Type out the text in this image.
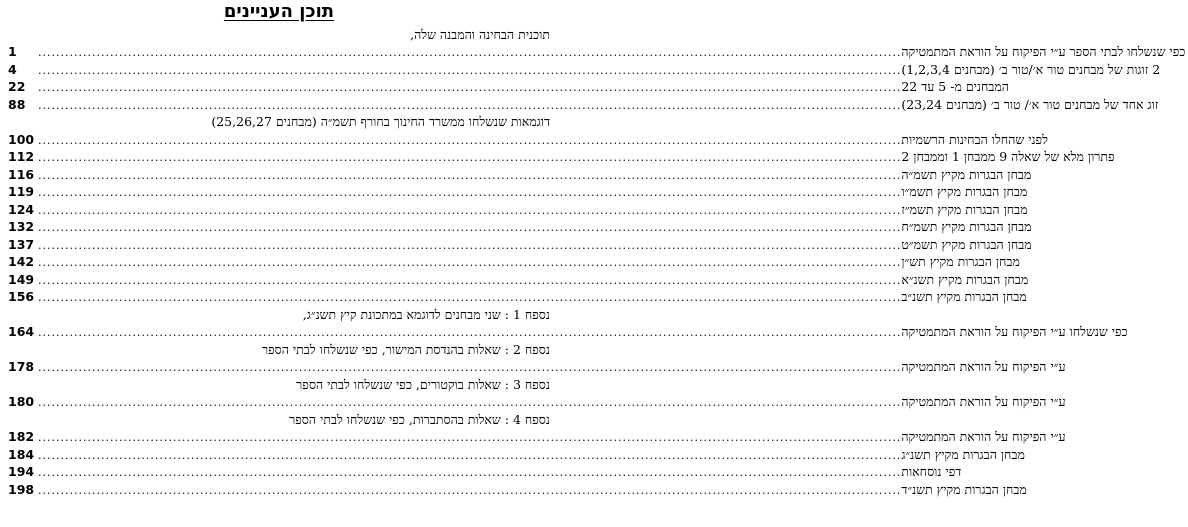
תוכן העניינים
תוכנית הבחינה והמבנה שלה,
1 .....	כפי שנשלחו לבתי הספר ע״י הפיקוח על הוראת המתמטיקה
4 .....	2 זוגות של מבחנים טור א׳/טור ב׳ (מבחנים 1,2,3,4)
22 .....	המבחנים מ- 5 עד 22
88 .....	זוג אחד של מבחנים טור א׳/ טור ב׳ (מבחנים 23,24)
דוגמאות שנשלחו ממשרד החינוך בחורף תשמ״ה (מבחנים 25,26,27)
100 .....	לפני שהחלו הבחינות הרשמיות
112 .....	פתרון מלא של שאלה 9 ממבחן 1 וממבחן 2
116 .....	מבחן הבגרות מקיץ תשמ״ה
119 .....	מבחן הבגרות מקיץ תשמ״ו
124 .....	מבחן הבגרות מקיץ תשמ״ז
132 .....	מבחן הבגרות מקיץ תשמ״ח
137 .....	מבחן הבגרות מקיץ תשמ״ט
142 .....	מבחן הבגרות מקיץ תש״ן
149 .....	מבחן הבגרות מקיץ תשנ״א
156 .....	מבחן הבגרות מקיץ תשנ״ב
נספח 1 : שני מבחנים לדוגמא במתכונת קיץ תשנ״ג,
164 .....	כפי שנשלחו ע״י הפיקוח על הוראת המתמטיקה
נספח 2 : שאלות בהנדסת המישור, כפי שנשלחו לבתי הספר
178 .....	ע״י הפיקוח על הוראת המתמטיקה
נספח 3 : שאלות בוקטורים, כפי שנשלחו לבתי הספר
180 .....	ע״י הפיקוח על הוראת המתמטיקה
נספח 4 : שאלות בהסתברות, כפי שנשלחו לבתי הספר
182 .....	ע״י הפיקוח על הוראת המתמטיקה
184 .....	מבחן הבגרות מקיץ תשנ״ג
194 .....	דפי נוסחאות
198 .....	מבחן הבגרות מקיץ תשנ״ד
